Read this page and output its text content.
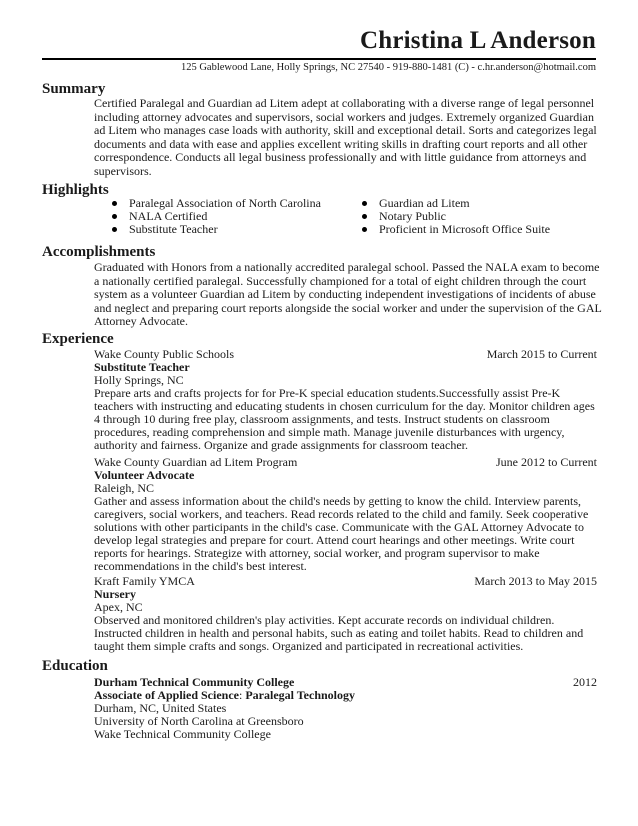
Christina L Anderson
125 Gablewood Lane, Holly Springs, NC 27540 - 919-880-1481 (C) - c.hr.anderson@hotmail.com
Summary

Certified Paralegal and Guardian ad Litem adept at collaborating with a diverse range of legal personnel including attorney advocates and supervisors, social workers and judges. Extremely organized Guardian ad Litem who manages case loads with authority, skill and exceptional detail. Sorts and categorizes legal documents and data with ease and applies excellent writing skills in drafting court reports and all other correspondence. Conducts all legal business professionally and with little guidance from attorneys and supervisors.

Highlights
Paralegal Association of North Carolina
NALA Certified
Substitute Teacher
Guardian ad Litem
Notary Public
Proficient in Microsoft Office Suite
Accomplishments

Graduated with Honors from a nationally accredited paralegal school. Passed the NALA exam to become a nationally certified paralegal. Successfully championed for a total of eight children through the court system as a volunteer Guardian ad Litem by conducting independent investigations of incidents of abuse and neglect and preparing court reports alongside the social worker and under the supervision of the GAL Attorney Advocate.

Experience
Wake County Public Schools	March 2015 to Current
Substitute Teacher
Holly Springs, NC

Prepare arts and crafts projects for for Pre-K special education students.Successfully assist Pre-K teachers with instructing and educating students in chosen curriculum for the day. Monitor children ages 4 through 10 during free play, classroom assignments, and tests. Instruct students on classroom procedures, reading comprehension and simple math. Manage juvenile disturbances with urgency, authority and fairness. Organize and grade assignments for classroom teacher.

Wake County Guardian ad Litem Program	June 2012 to Current
Volunteer Advocate
Raleigh, NC

Gather and assess information about the child's needs by getting to know the child. Interview parents, caregivers, social workers, and teachers. Read records related to the child and family. Seek cooperative solutions with other participants in the child's case. Communicate with the GAL Attorney Advocate to develop legal strategies and prepare for court. Attend court hearings and other meetings. Write court reports for hearings. Strategize with attorney, social worker, and program supervisor to make recommendations in the child's best interest.

Kraft Family YMCA	March 2013 to May 2015
Nursery
Apex, NC

Observed and monitored children's play activities. Kept accurate records on individual children. Instructed children in health and personal habits, such as eating and toilet habits. Read to children and taught them simple crafts and songs. Organized and participated in recreational activities.

Education
Durham Technical Community College	2012
Associate of Applied Science: Paralegal Technology
Durham, NC, United States
University of North Carolina at Greensboro
Wake Technical Community College
